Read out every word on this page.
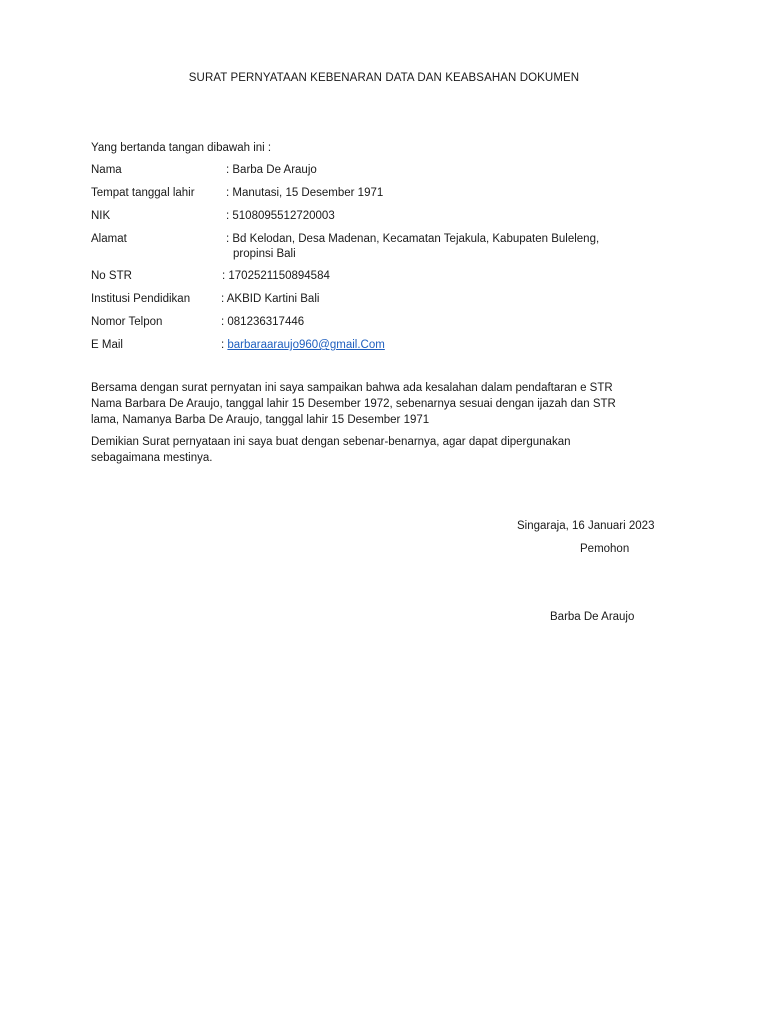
SURAT PERNYATAAN KEBENARAN DATA DAN KEABSAHAN DOKUMEN
Yang bertanda tangan dibawah ini :
Nama	: Barba De Araujo
Tempat tanggal lahir	: Manutasi, 15 Desember 1971
NIK	: 5108095512720003
Alamat	: Bd Kelodan, Desa Madenan, Kecamatan Tejakula, Kabupaten Buleleng,
propinsi Bali
No STR	: 1702521150894584
Institusi Pendidikan	: AKBID Kartini Bali
Nomor Telpon	: 081236317446
E Mail	: barbaraaraujo960@gmail.Com
Bersama dengan surat pernyatan ini saya sampaikan bahwa ada kesalahan dalam pendaftaran e STR
Nama Barbara De Araujo, tanggal lahir 15 Desember 1972, sebenarnya sesuai dengan ijazah dan STR
lama, Namanya Barba De Araujo, tanggal lahir 15 Desember 1971
Demikian Surat pernyataan ini saya buat dengan sebenar-benarnya, agar dapat dipergunakan
sebagaimana mestinya.
Singaraja, 16 Januari 2023
Pemohon
Barba De Araujo
